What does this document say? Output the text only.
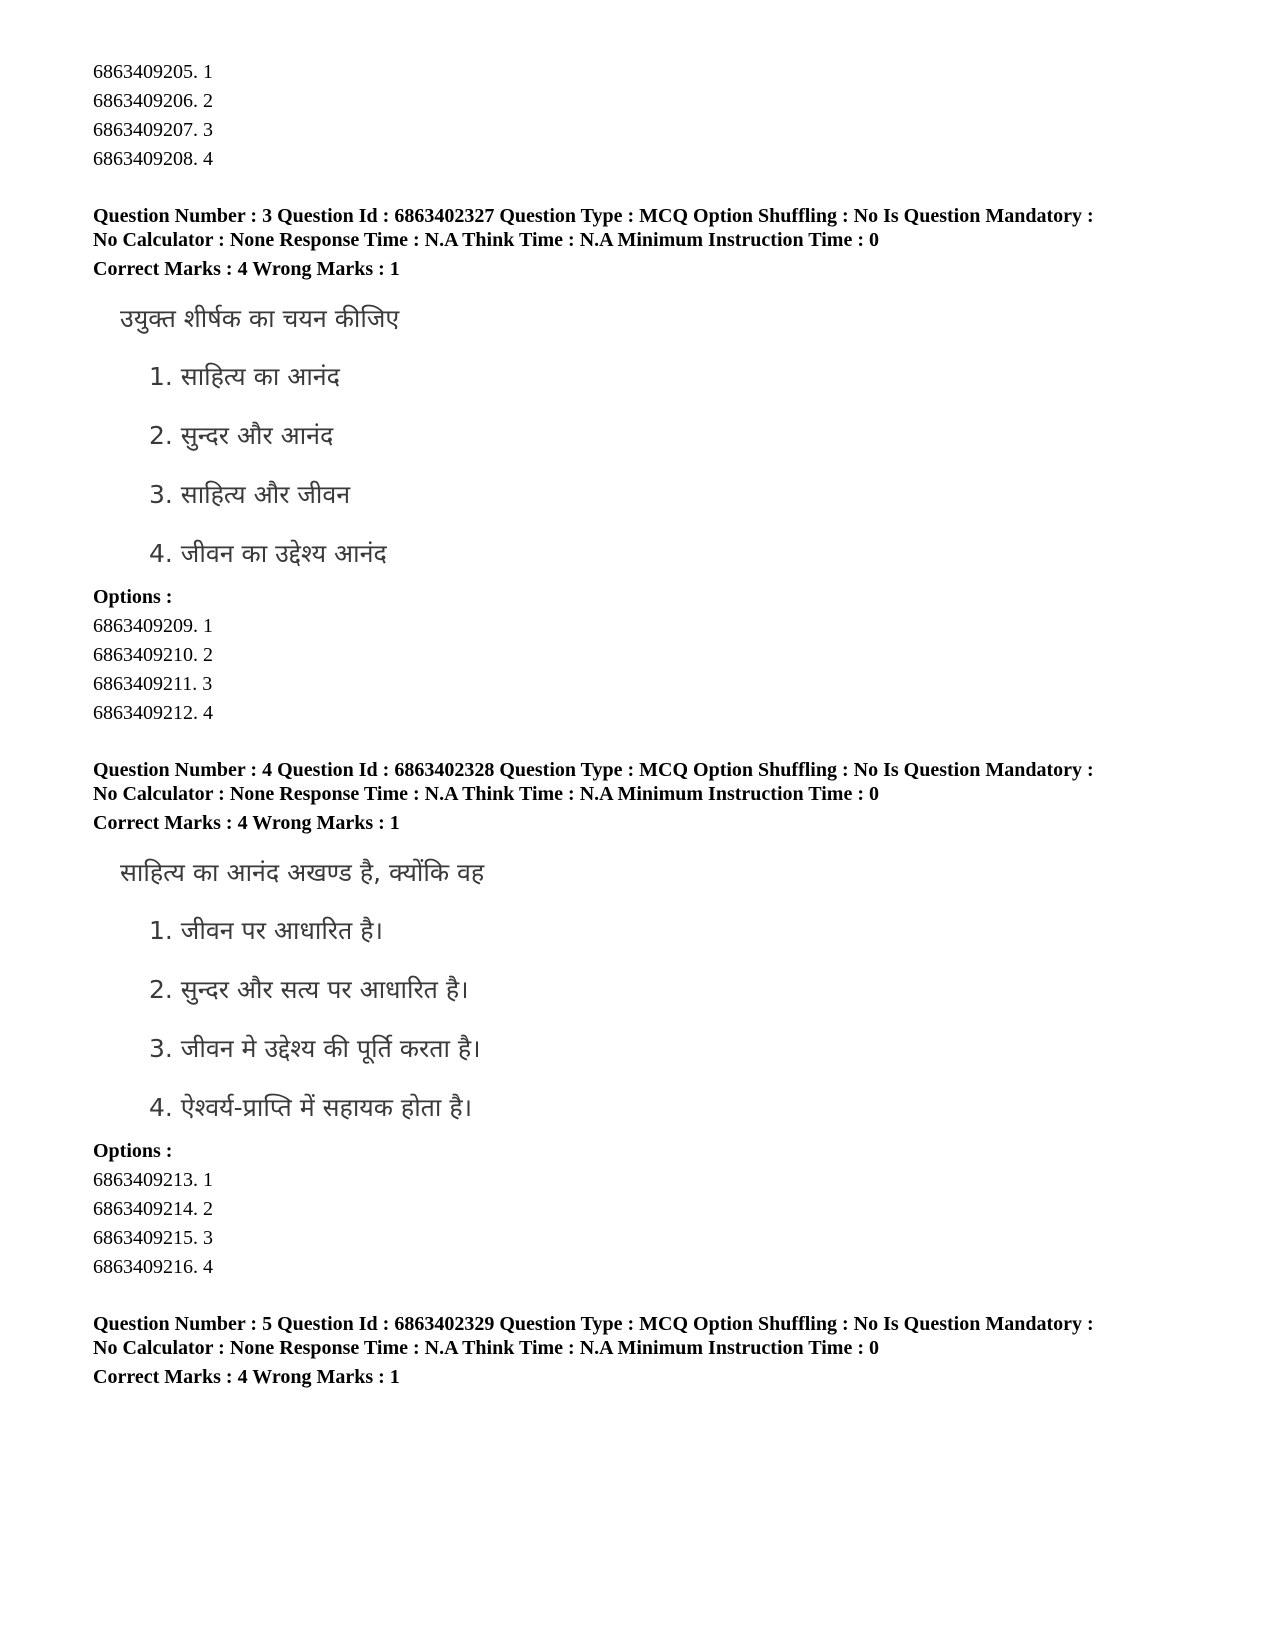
6863409205. 1
6863409206. 2
6863409207. 3
6863409208. 4
Question Number : 3 Question Id : 6863402327 Question Type : MCQ Option Shuffling : No Is Question Mandatory :
No Calculator : None Response Time : N.A Think Time : N.A Minimum Instruction Time : 0
Correct Marks : 4 Wrong Marks : 1
उयुक्त शीर्षक का चयन कीजिए
1. साहित्य का आनंद
2. सुन्दर और आनंद
3. साहित्य और जीवन
4. जीवन का उद्देश्य आनंद
Options :
6863409209. 1
6863409210. 2
6863409211. 3
6863409212. 4
Question Number : 4 Question Id : 6863402328 Question Type : MCQ Option Shuffling : No Is Question Mandatory :
No Calculator : None Response Time : N.A Think Time : N.A Minimum Instruction Time : 0
Correct Marks : 4 Wrong Marks : 1
साहित्य का आनंद अखण्ड है, क्योंकि वह
1. जीवन पर आधारित है।
2. सुन्दर और सत्य पर आधारित है।
3. जीवन मे उद्देश्य की पूर्ति करता है।
4. ऐश्वर्य-प्राप्ति में सहायक होता है।
Options :
6863409213. 1
6863409214. 2
6863409215. 3
6863409216. 4
Question Number : 5 Question Id : 6863402329 Question Type : MCQ Option Shuffling : No Is Question Mandatory :
No Calculator : None Response Time : N.A Think Time : N.A Minimum Instruction Time : 0
Correct Marks : 4 Wrong Marks : 1
